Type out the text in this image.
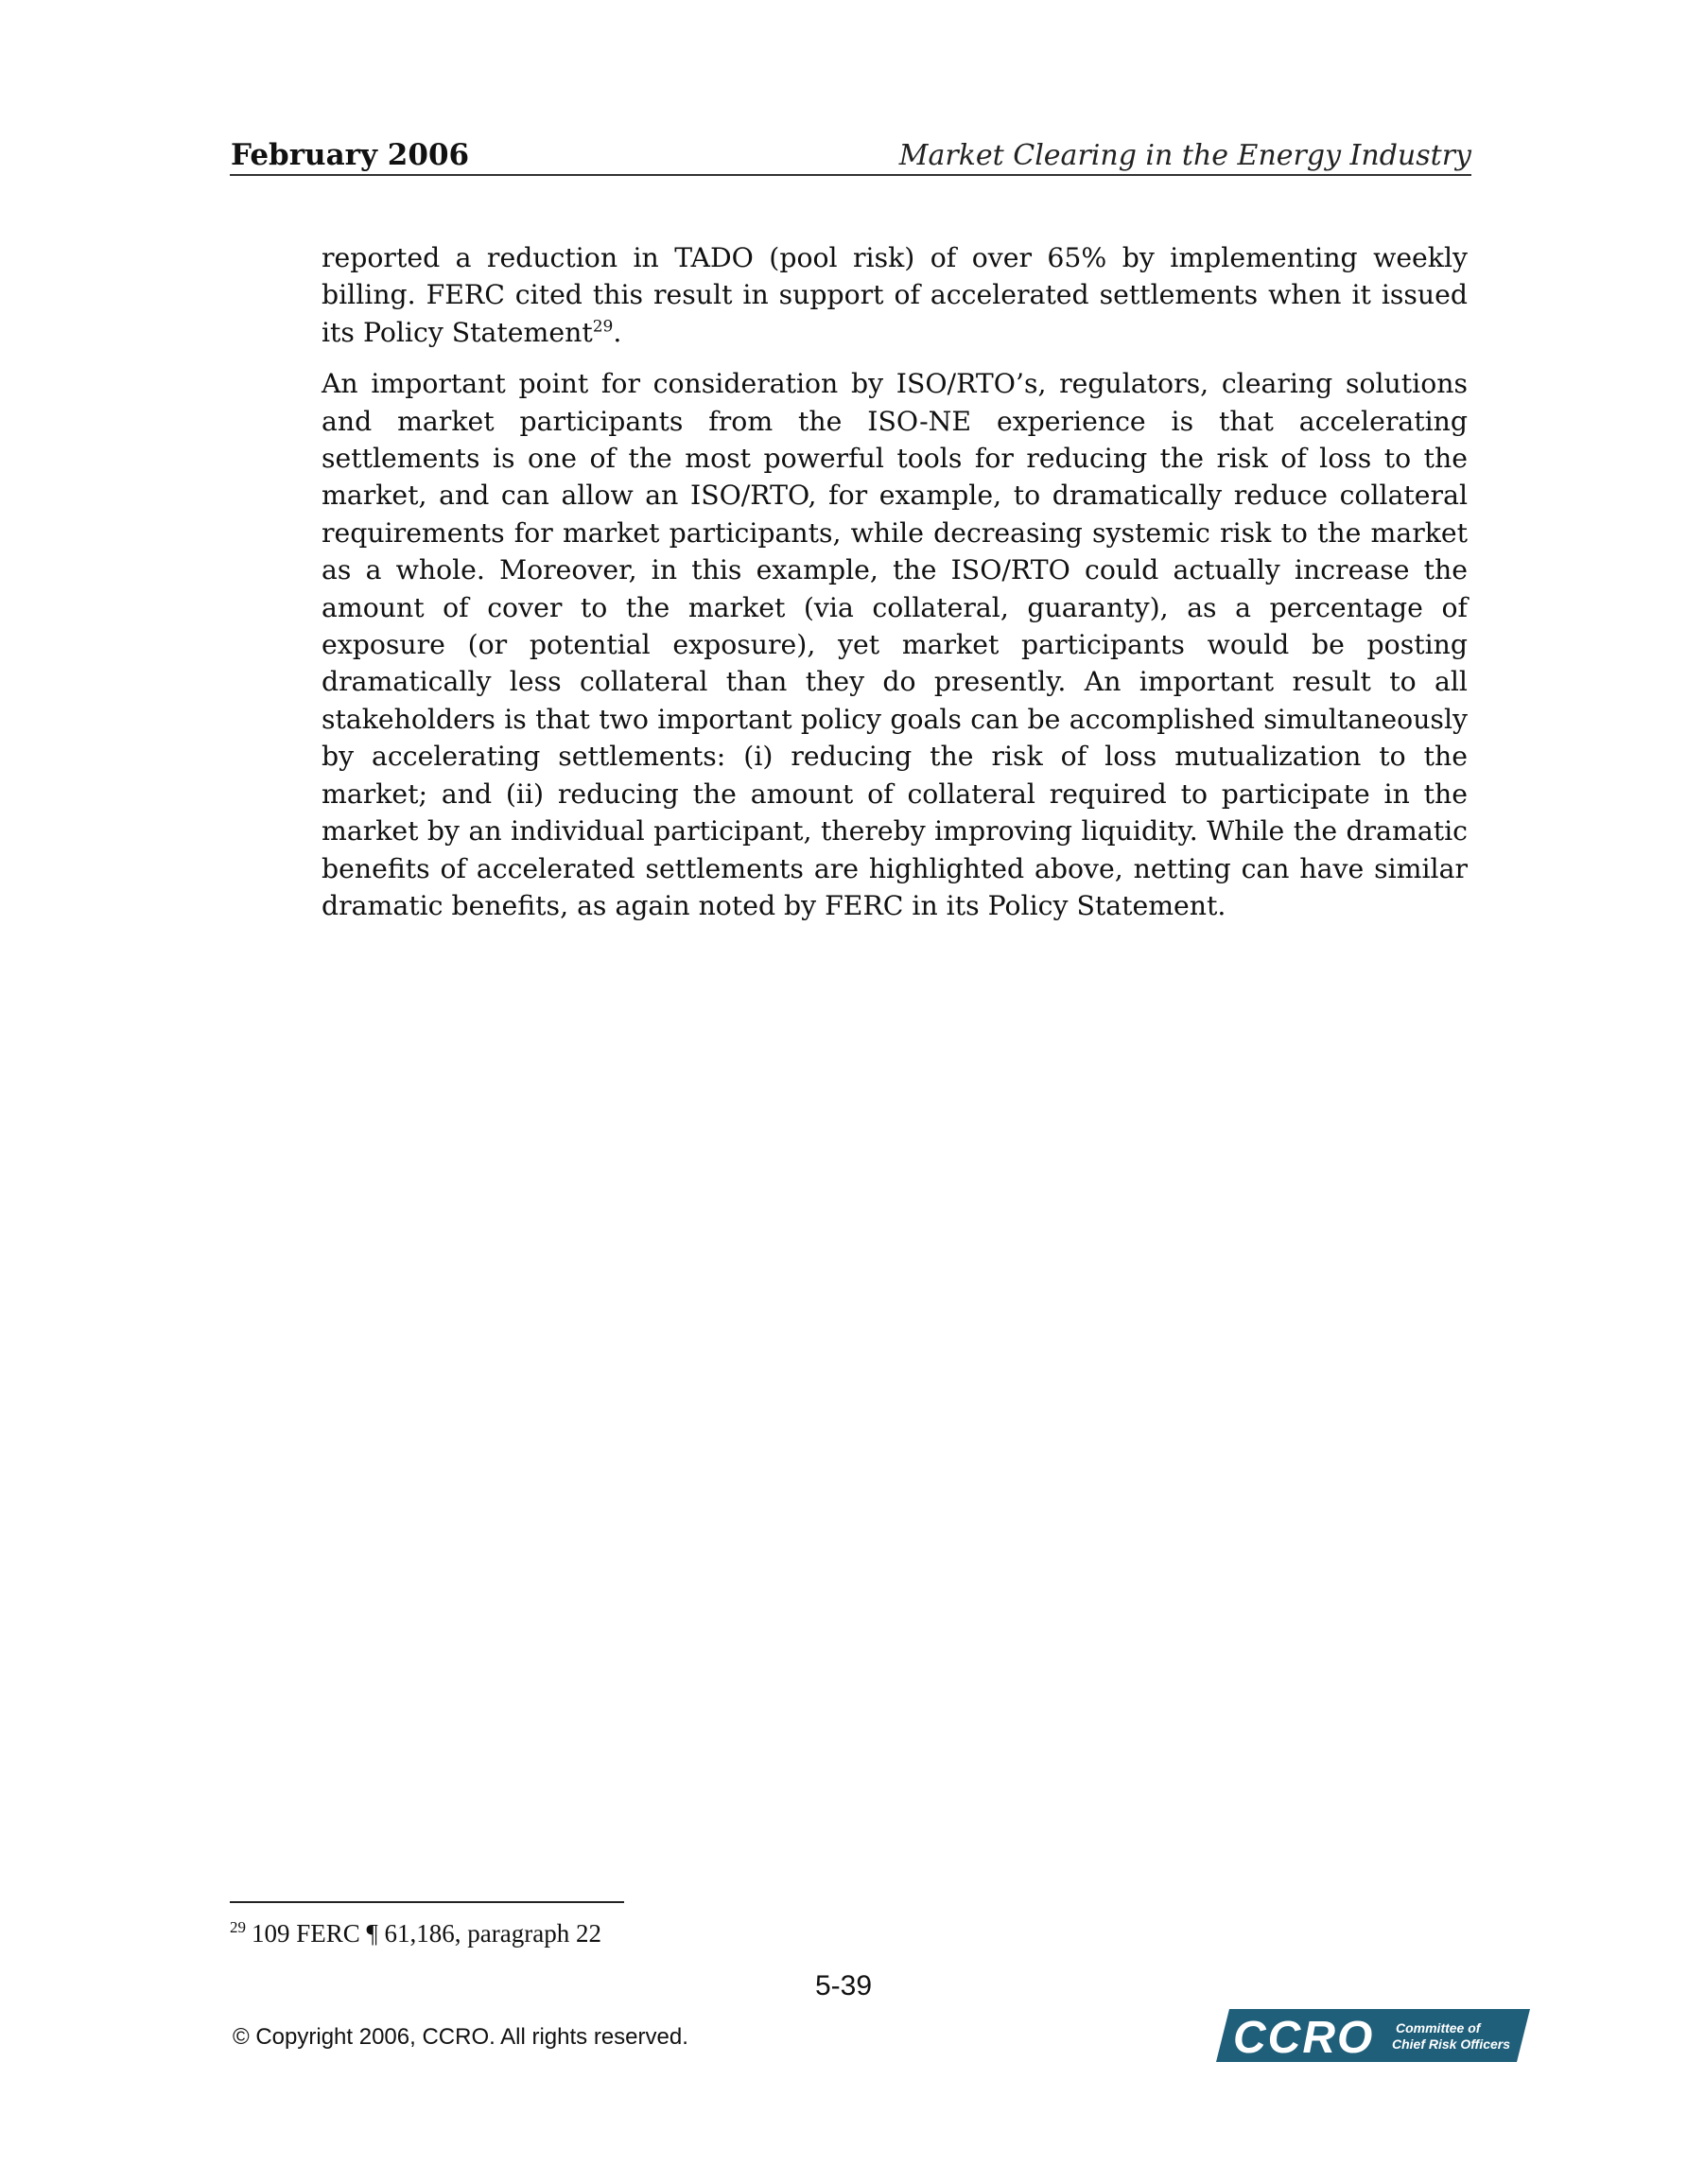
February 2006	Market Clearing in the Energy Industry

reported a reduction in TADO (pool risk) of over 65% by implementing weekly billing. FERC cited this result in support of accelerated settlements when it issued its Policy Statement$^{29}$.

An important point for consideration by ISO/RTO’s, regulators, clearing solutions and market participants from the ISO-NE experience is that accelerating settlements is one of the most powerful tools for reducing the risk of loss to the market, and can allow an ISO/RTO, for example, to dramatically reduce collateral requirements for market participants, while decreasing systemic risk to the market as a whole. Moreover, in this example, the ISO/RTO could actually increase the amount of cover to the market (via collateral, guaranty), as a percentage of exposure (or potential exposure), yet market participants would be posting dramatically less collateral than they do presently. An important result to all stakeholders is that two important policy goals can be accomplished simultaneously by accelerating settlements: (i) reducing the risk of loss mutualization to the market; and (ii) reducing the amount of collateral required to participate in the market by an individual participant, thereby improving liquidity. While the dramatic benefits of accelerated settlements are highlighted above, netting can have similar dramatic benefits, as again noted by FERC in its Policy Statement.

$^{29}$ 109 FERC ¶ 61,186, paragraph 22
5-39
© Copyright 2006, CCRO. All rights reserved.	CCRO Committee of
Chief Risk Officers
